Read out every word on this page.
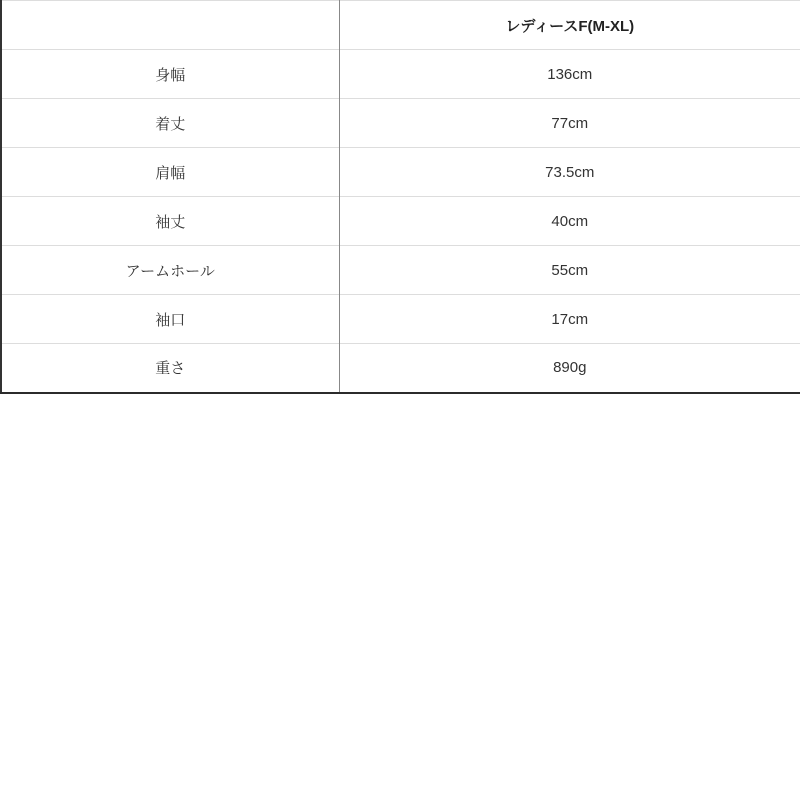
	レディースF(M-XL)
身幅	136cm
着丈	77cm
肩幅	73.5cm
袖丈	40cm
アームホール	55cm
袖口	17cm
重さ	890g
